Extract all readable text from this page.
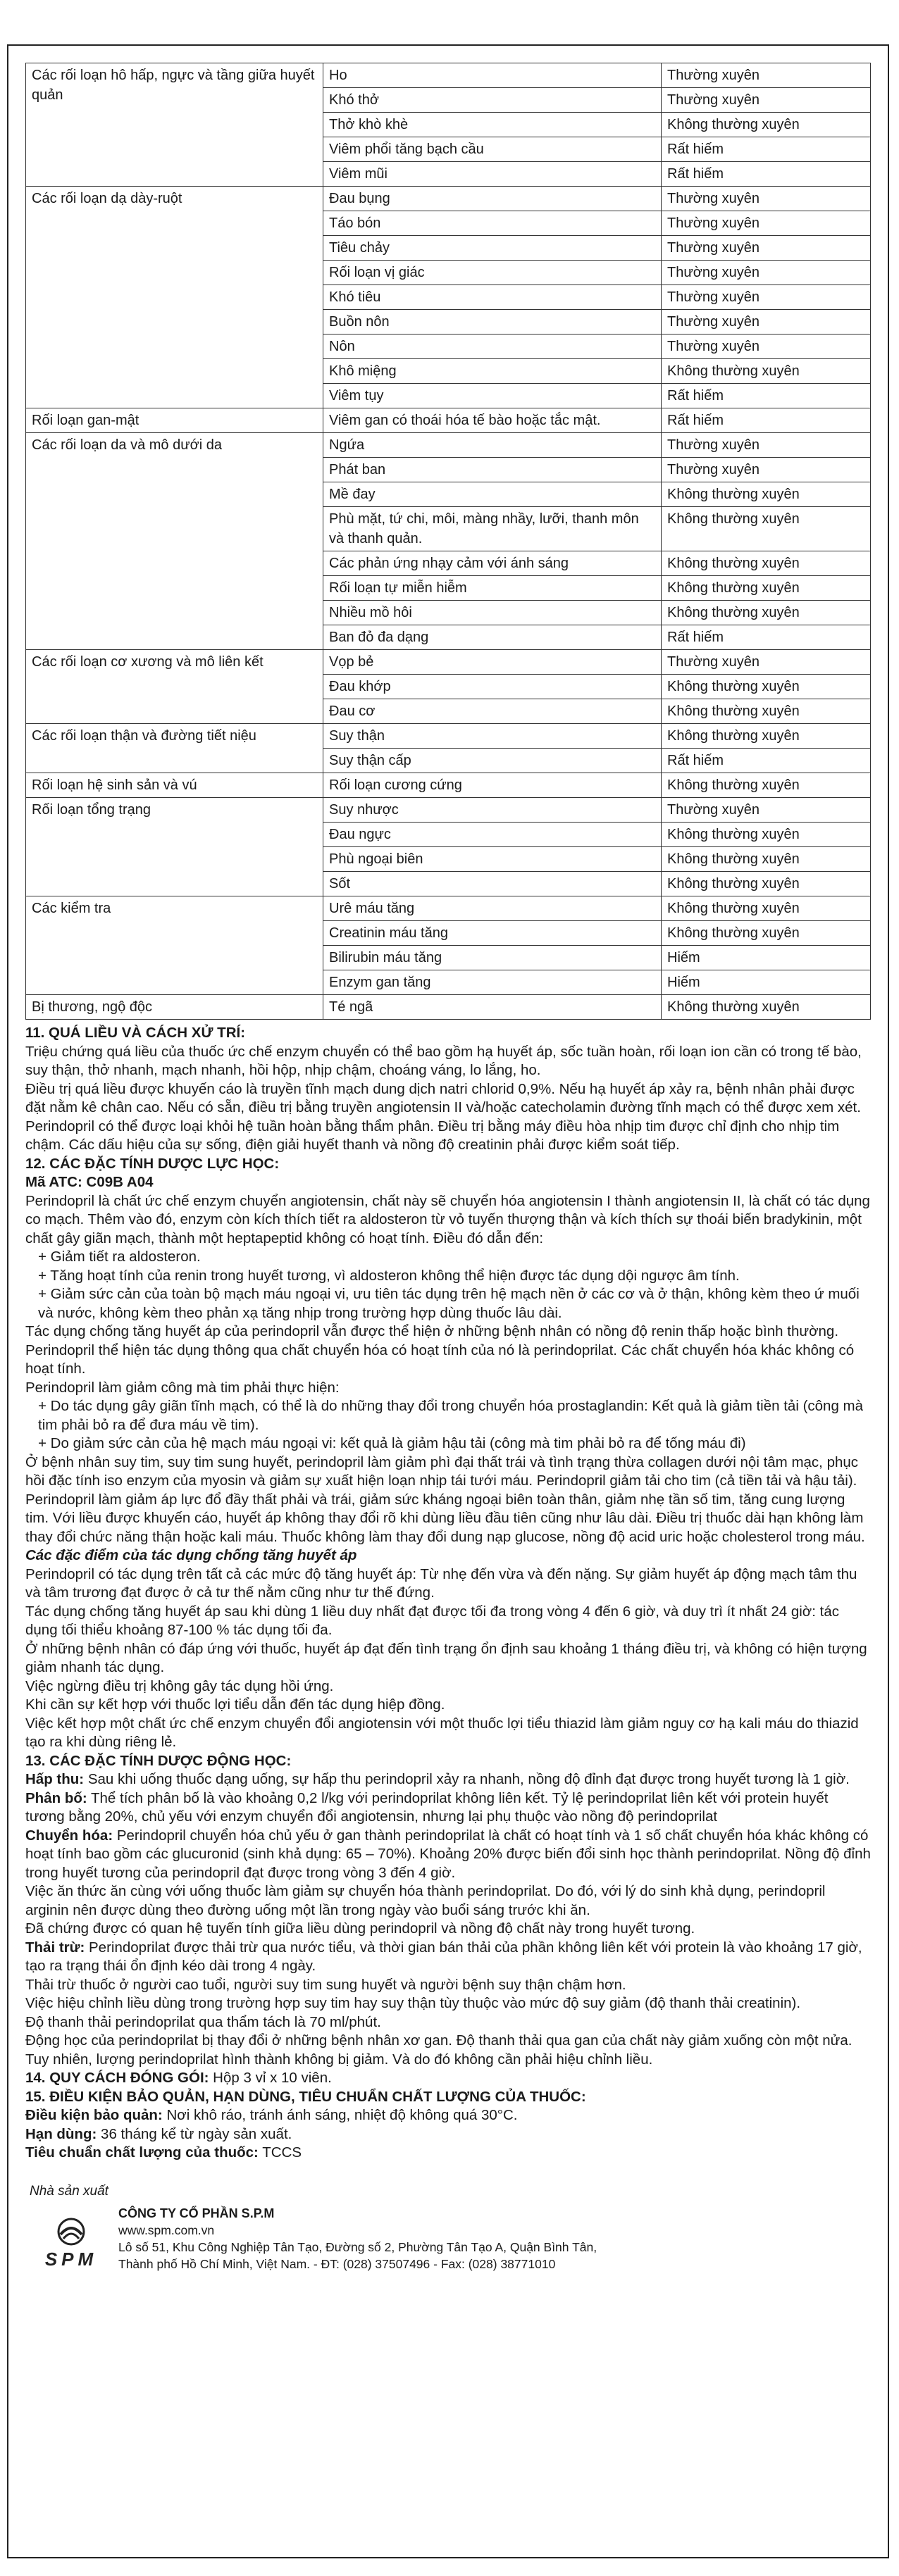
Các rối loạn hô hấp, ngực và tầng giữa huyết quản	Ho	Thường xuyên
	Khó thở	Thường xuyên
	Thở khò khè	Không thường xuyên
	Viêm phổi tăng bạch cầu	Rất hiếm
	Viêm mũi	Rất hiếm
Các rối loạn dạ dày-ruột	Đau bụng	Thường xuyên
	Táo bón	Thường xuyên
	Tiêu chảy	Thường xuyên
	Rối loạn vị giác	Thường xuyên
	Khó tiêu	Thường xuyên
	Buồn nôn	Thường xuyên
	Nôn	Thường xuyên
	Khô miệng	Không thường xuyên
	Viêm tụy	Rất hiếm
Rối loạn gan-mật	Viêm gan có thoái hóa tế bào hoặc tắc mật.	Rất hiếm
Các rối loạn da và mô dưới da	Ngứa	Thường xuyên
	Phát ban	Thường xuyên
	Mề đay	Không thường xuyên
	Phù mặt, tứ chi, môi, màng nhầy, lưỡi, thanh môn và thanh quản.	Không thường xuyên
	Các phản ứng nhạy cảm với ánh sáng	Không thường xuyên
	Rối loạn tự miễn hiễm	Không thường xuyên
	Nhiều mồ hôi	Không thường xuyên
	Ban đỏ đa dạng	Rất hiếm
Các rối loạn cơ xương và mô liên kết	Vọp bẻ	Thường xuyên
	Đau khớp	Không thường xuyên
	Đau cơ	Không thường xuyên
Các rối loạn thận và đường tiết niệu	Suy thận	Không thường xuyên
	Suy thận cấp	Rất hiếm
Rối loạn hệ sinh sản và vú	Rối loạn cương cứng	Không thường xuyên
Rối loạn tổng trạng	Suy nhược	Thường xuyên
	Đau ngực	Không thường xuyên
	Phù ngoại biên	Không thường xuyên
	Sốt	Không thường xuyên
Các kiểm tra	Urê máu tăng	Không thường xuyên
	Creatinin máu tăng	Không thường xuyên
	Bilirubin máu tăng	Hiếm
	Enzym gan tăng	Hiếm
Bị thương, ngộ độc	Té ngã	Không thường xuyên

11. QUÁ LIỀU VÀ CÁCH XỬ TRÍ:

Triệu chứng quá liều của thuốc ức chế enzym chuyển có thể bao gồm hạ huyết áp, sốc tuần hoàn, rối loạn ion cần có trong tế bào, suy thận, thở nhanh, mạch nhanh, hồi hộp, nhịp chậm, choáng váng, lo lắng, ho.

Điều trị quá liều được khuyến cáo là truyền tĩnh mạch dung dịch natri chlorid 0,9%. Nếu hạ huyết áp xảy ra, bệnh nhân phải được đặt nằm kê chân cao. Nếu có sẵn, điều trị bằng truyền angiotensin II và/hoặc catecholamin đường tĩnh mạch có thể được xem xét. Perindopril có thể được loại khỏi hệ tuần hoàn bằng thẩm phân. Điều trị bằng máy điều hòa nhịp tim được chỉ định cho nhịp tim chậm. Các dấu hiệu của sự sống, điện giải huyết thanh và nồng độ creatinin phải được kiểm soát tiếp.

12. CÁC ĐẶC TÍNH DƯỢC LỰC HỌC:

Mã ATC: C09B A04

Perindopril là chất ức chế enzym chuyển angiotensin, chất này sẽ chuyển hóa angiotensin I thành angiotensin II, là chất có tác dụng co mạch. Thêm vào đó, enzym còn kích thích tiết ra aldosteron từ vỏ tuyến thượng thận và kích thích sự thoái biến bradykinin, một chất gây giãn mạch, thành một heptapeptid không có hoạt tính. Điều đó dẫn đến:

+ Giảm tiết ra aldosteron.

+ Tăng hoạt tính của renin trong huyết tương, vì aldosteron không thể hiện được tác dụng dội ngược âm tính.

+ Giảm sức cản của toàn bộ mạch máu ngoại vi, ưu tiên tác dụng trên hệ mạch nền ở các cơ và ở thận, không kèm theo ứ muối và nước, không kèm theo phản xạ tăng nhịp trong trường hợp dùng thuốc lâu dài.

Tác dụng chống tăng huyết áp của perindopril vẫn được thể hiện ở những bệnh nhân có nồng độ renin thấp hoặc bình thường.

Perindopril thể hiện tác dụng thông qua chất chuyển hóa có hoạt tính của nó là perindoprilat. Các chất chuyển hóa khác không có hoạt tính.

Perindopril làm giảm công mà tim phải thực hiện:

+ Do tác dụng gây giãn tĩnh mạch, có thể là do những thay đổi trong chuyển hóa prostaglandin: Kết quả là giảm tiền tải (công mà tim phải bỏ ra để đưa máu về tim).

+ Do giảm sức cản của hệ mạch máu ngoại vi: kết quả là giảm hậu tải (công mà tim phải bỏ ra để tống máu đi)

Ở bệnh nhân suy tim, suy tim sung huyết, perindopril làm giảm phì đại thất trái và tình trạng thừa collagen dưới nội tâm mạc, phục hồi đặc tính iso enzym của myosin và giảm sự xuất hiện loạn nhịp tái tưới máu. Perindopril giảm tải cho tim (cả tiền tải và hậu tải). Perindopril làm giảm áp lực đổ đầy thất phải và trái, giảm sức kháng ngoại biên toàn thân, giảm nhẹ tần số tim, tăng cung lượng tim. Với liều được khuyến cáo, huyết áp không thay đổi rõ khi dùng liều đầu tiên cũng như lâu dài. Điều trị thuốc dài hạn không làm thay đổi chức năng thận hoặc kali máu. Thuốc không làm thay đổi dung nạp glucose, nồng độ acid uric hoặc cholesterol trong máu.

Các đặc điểm của tác dụng chống tăng huyết áp

Perindopril có tác dụng trên tất cả các mức độ tăng huyết áp: Từ nhẹ đến vừa và đến nặng. Sự giảm huyết áp động mạch tâm thu và tâm trương đạt được ở cả tư thế nằm cũng như tư thế đứng.

Tác dụng chống tăng huyết áp sau khi dùng 1 liều duy nhất đạt được tối đa trong vòng 4 đến 6 giờ, và duy trì ít nhất 24 giờ: tác dụng tối thiểu khoảng 87-100 % tác dụng tối đa.

Ở những bệnh nhân có đáp ứng với thuốc, huyết áp đạt đến tình trạng ổn định sau khoảng 1 tháng điều trị, và không có hiện tượng giảm nhanh tác dụng.

Việc ngừng điều trị không gây tác dụng hồi ứng.

Khi cần sự kết hợp với thuốc lợi tiểu dẫn đến tác dụng hiệp đồng.

Việc kết hợp một chất ức chế enzym chuyển đổi angiotensin với một thuốc lợi tiểu thiazid làm giảm nguy cơ hạ kali máu do thiazid tạo ra khi dùng riêng lẻ.

13. CÁC ĐẶC TÍNH DƯỢC ĐỘNG HỌC:

Hấp thu: Sau khi uống thuốc dạng uống, sự hấp thu perindopril xảy ra nhanh, nồng độ đỉnh đạt được trong huyết tương là 1 giờ.

Phân bố: Thể tích phân bố là vào khoảng 0,2 l/kg với perindoprilat không liên kết. Tỷ lệ perindoprilat liên kết với protein huyết tương bằng 20%, chủ yếu với enzym chuyển đổi angiotensin, nhưng lại phụ thuộc vào nồng độ perindoprilat

Chuyển hóa: Perindopril chuyển hóa chủ yếu ở gan thành perindoprilat là chất có hoạt tính và 1 số chất chuyển hóa khác không có hoạt tính bao gồm các glucuronid (sinh khả dụng: 65 – 70%). Khoảng 20% được biến đổi sinh học thành perindoprilat. Nồng độ đỉnh trong huyết tương của perindopril đạt được trong vòng 3 đến 4 giờ.

Việc ăn thức ăn cùng với uống thuốc làm giảm sự chuyển hóa thành perindoprilat. Do đó, với lý do sinh khả dụng, perindopril arginin nên được dùng theo đường uống một lần trong ngày vào buổi sáng trước khi ăn.

Đã chứng được có quan hệ tuyến tính giữa liều dùng perindopril và nồng độ chất này trong huyết tương.

Thải trừ: Perindoprilat được thải trừ qua nước tiểu, và thời gian bán thải của phần không liên kết với protein là vào khoảng 17 giờ, tạo ra trạng thái ổn định kéo dài trong 4 ngày.

Thải trừ thuốc ở người cao tuổi, người suy tim sung huyết và người bệnh suy thận chậm hơn.

Việc hiệu chỉnh liều dùng trong trường hợp suy tim hay suy thận tùy thuộc vào mức độ suy giảm (độ thanh thải creatinin).

Độ thanh thải perindoprilat qua thẩm tách là 70 ml/phút.

Động học của perindoprilat bị thay đổi ở những bệnh nhân xơ gan. Độ thanh thải qua gan của chất này giảm xuống còn một nửa. Tuy nhiên, lượng perindoprilat hình thành không bị giảm. Và do đó không cần phải hiệu chỉnh liều.

14. QUY CÁCH ĐÓNG GÓI: Hộp 3 vỉ x 10 viên.

15. ĐIỀU KIỆN BẢO QUẢN, HẠN DÙNG, TIÊU CHUẨN CHẤT LƯỢNG CỦA THUỐC:

Điều kiện bảo quản: Nơi khô ráo, tránh ánh sáng, nhiệt độ không quá 30°C.

Hạn dùng: 36 tháng kể từ ngày sản xuất.

Tiêu chuẩn chất lượng của thuốc: TCCS

Nhà sản xuất
SPM
CÔNG TY CỔ PHẦN S.P.M
www.spm.com.vn
Lô số 51, Khu Công Nghiệp Tân Tạo, Đường số 2, Phường Tân Tạo A, Quận Bình Tân,
Thành phố Hồ Chí Minh, Việt Nam. - ĐT: (028) 37507496 - Fax: (028) 38771010
